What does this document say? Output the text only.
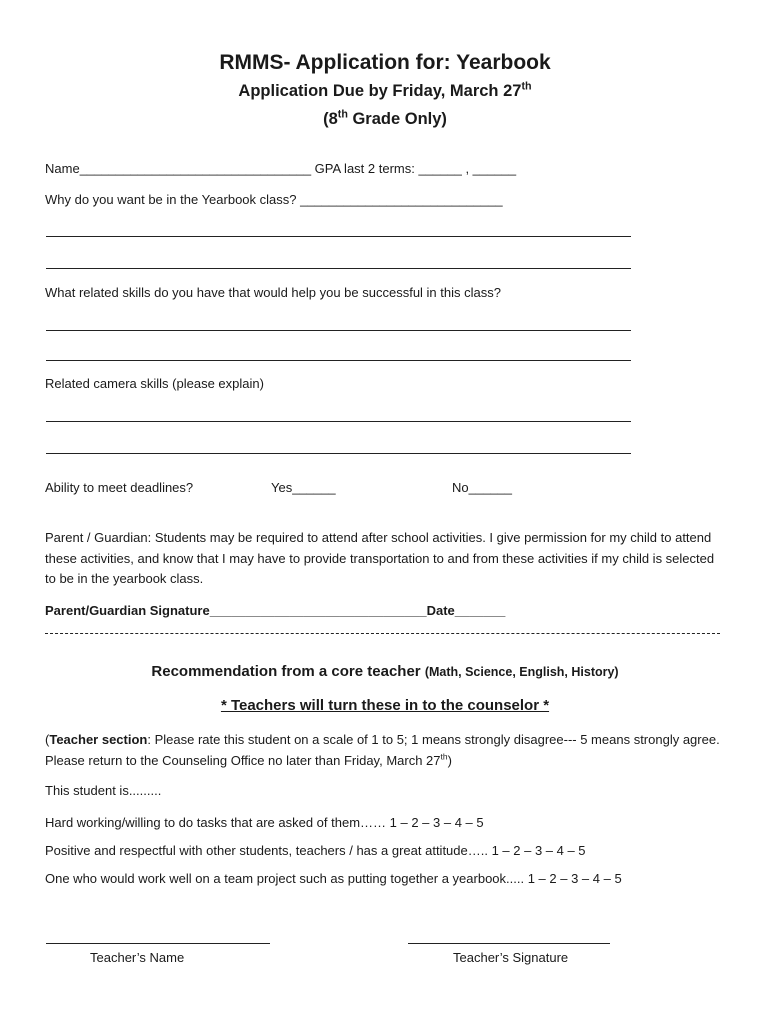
RMMS- Application for: Yearbook
Application Due by Friday, March 27th
(8th Grade Only)
Name________________________________ GPA last 2 terms: ______ , ______
Why do you want be in the Yearbook class? ____________________________
What related skills do you have that would help you be successful in this class?
Related camera skills (please explain)
Ability to meet deadlines?	Yes______	No______
Parent / Guardian: Students may be required to attend after school activities. I give permission for my child to attend these activities, and know that I may have to provide transportation to and from these activities if my child is selected to be in the yearbook class.
Parent/Guardian Signature______________________________Date_______
Recommendation from a core teacher (Math, Science, English, History)
* Teachers will turn these in to the counselor *
(Teacher section: Please rate this student on a scale of 1 to 5; 1 means strongly disagree--- 5 means strongly agree. Please return to the Counseling Office no later than Friday, March 27th)
This student is.........
Hard working/willing to do tasks that are asked of them…… 1 – 2 – 3 – 4 – 5
Positive and respectful with other students, teachers / has a great attitude….. 1 – 2 – 3 – 4 – 5
One who would work well on a team project such as putting together a yearbook..... 1 – 2 – 3 – 4 – 5
Teacher’s Name	Teacher’s Signature
